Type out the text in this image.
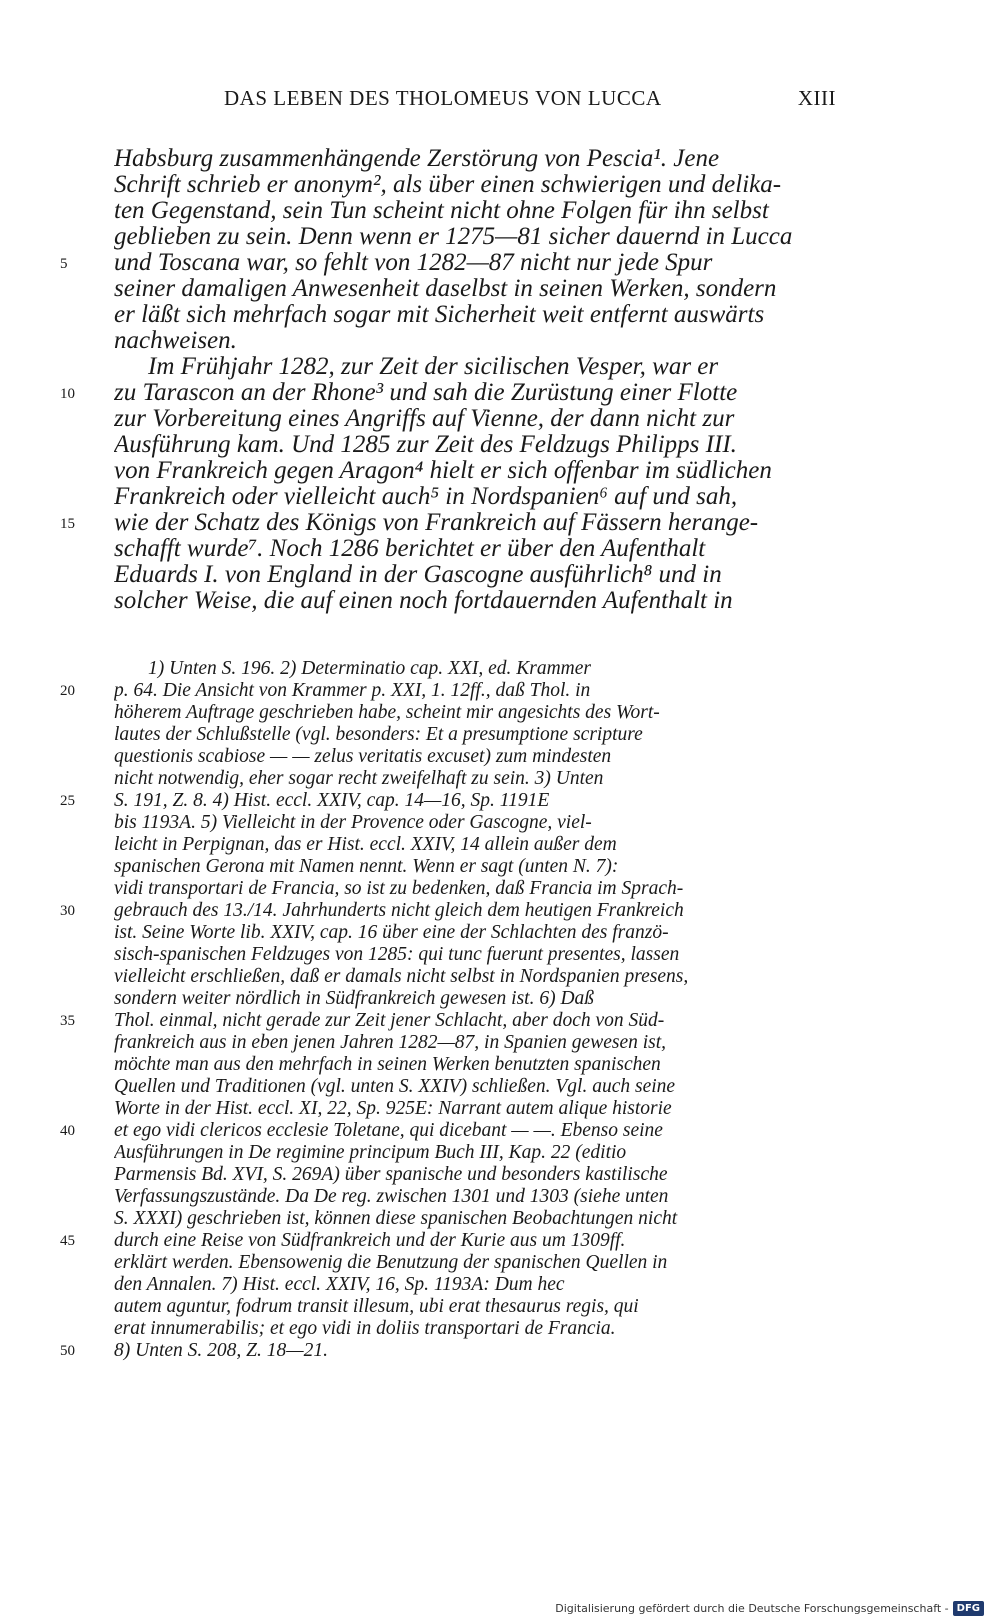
DAS LEBEN DES THOLOMEUS VON LUCCA	XIII
Habsburg zusammenhängende Zerstörung von Pescia¹. Jene
Schrift schrieb er anonym², als über einen schwierigen und delika-
ten Gegenstand, sein Tun scheint nicht ohne Folgen für ihn selbst
geblieben zu sein. Denn wenn er 1275—81 sicher dauernd in Lucca
und Toscana war, so fehlt von 1282—87 nicht nur jede Spur
seiner damaligen Anwesenheit daselbst in seinen Werken, sondern
er läßt sich mehrfach sogar mit Sicherheit weit entfernt auswärts
nachweisen.
Im Frühjahr 1282, zur Zeit der sicilischen Vesper, war er
zu Tarascon an der Rhone³ und sah die Zurüstung einer Flotte
zur Vorbereitung eines Angriffs auf Vienne, der dann nicht zur
Ausführung kam. Und 1285 zur Zeit des Feldzugs Philipps III.
von Frankreich gegen Aragon⁴ hielt er sich offenbar im südlichen
Frankreich oder vielleicht auch⁵ in Nordspanien⁶ auf und sah,
wie der Schatz des Königs von Frankreich auf Fässern herange-
schafft wurde⁷. Noch 1286 berichtet er über den Aufenthalt
Eduards I. von England in der Gascogne ausführlich⁸ und in
solcher Weise, die auf einen noch fortdauernden Aufenthalt in
1) Unten S. 196. 2) Determinatio cap. XXI, ed. Krammer
p. 64. Die Ansicht von Krammer p. XXI, 1. 12ff., daß Thol. in
höherem Auftrage geschrieben habe, scheint mir angesichts des Wort-
lautes der Schlußstelle (vgl. besonders: Et a presumptione scripture
questionis scabiose — — zelus veritatis excuset) zum mindesten
nicht notwendig, eher sogar recht zweifelhaft zu sein. 3) Unten
S. 191, Z. 8. 4) Hist. eccl. XXIV, cap. 14—16, Sp. 1191E
bis 1193A. 5) Vielleicht in der Provence oder Gascogne, viel-
leicht in Perpignan, das er Hist. eccl. XXIV, 14 allein außer dem
spanischen Gerona mit Namen nennt. Wenn er sagt (unten N. 7):
vidi transportari de Francia, so ist zu bedenken, daß Francia im Sprach-
gebrauch des 13./14. Jahrhunderts nicht gleich dem heutigen Frankreich
ist. Seine Worte lib. XXIV, cap. 16 über eine der Schlachten des franzö-
sisch-spanischen Feldzuges von 1285: qui tunc fuerunt presentes, lassen
vielleicht erschließen, daß er damals nicht selbst in Nordspanien presens,
sondern weiter nördlich in Südfrankreich gewesen ist. 6) Daß
Thol. einmal, nicht gerade zur Zeit jener Schlacht, aber doch von Süd-
frankreich aus in eben jenen Jahren 1282—87, in Spanien gewesen ist,
möchte man aus den mehrfach in seinen Werken benutzten spanischen
Quellen und Traditionen (vgl. unten S. XXIV) schließen. Vgl. auch seine
Worte in der Hist. eccl. XI, 22, Sp. 925E: Narrant autem alique historie
et ego vidi clericos ecclesie Toletane, qui dicebant — —. Ebenso seine
Ausführungen in De regimine principum Buch III, Kap. 22 (editio
Parmensis Bd. XVI, S. 269A) über spanische und besonders kastilische
Verfassungszustände. Da De reg. zwischen 1301 und 1303 (siehe unten
S. XXXI) geschrieben ist, können diese spanischen Beobachtungen nicht
durch eine Reise von Südfrankreich und der Kurie aus um 1309ff.
erklärt werden. Ebensowenig die Benutzung der spanischen Quellen in
den Annalen. 7) Hist. eccl. XXIV, 16, Sp. 1193A: Dum hec
autem aguntur, fodrum transit illesum, ubi erat thesaurus regis, qui
erat innumerabilis; et ego vidi in doliis transportari de Francia.
8) Unten S. 208, Z. 18—21.
5
10
15
20
25
30
35
40
45
50
Digitalisierung gefördert durch die Deutsche Forschungsgemeinschaft - DFG
